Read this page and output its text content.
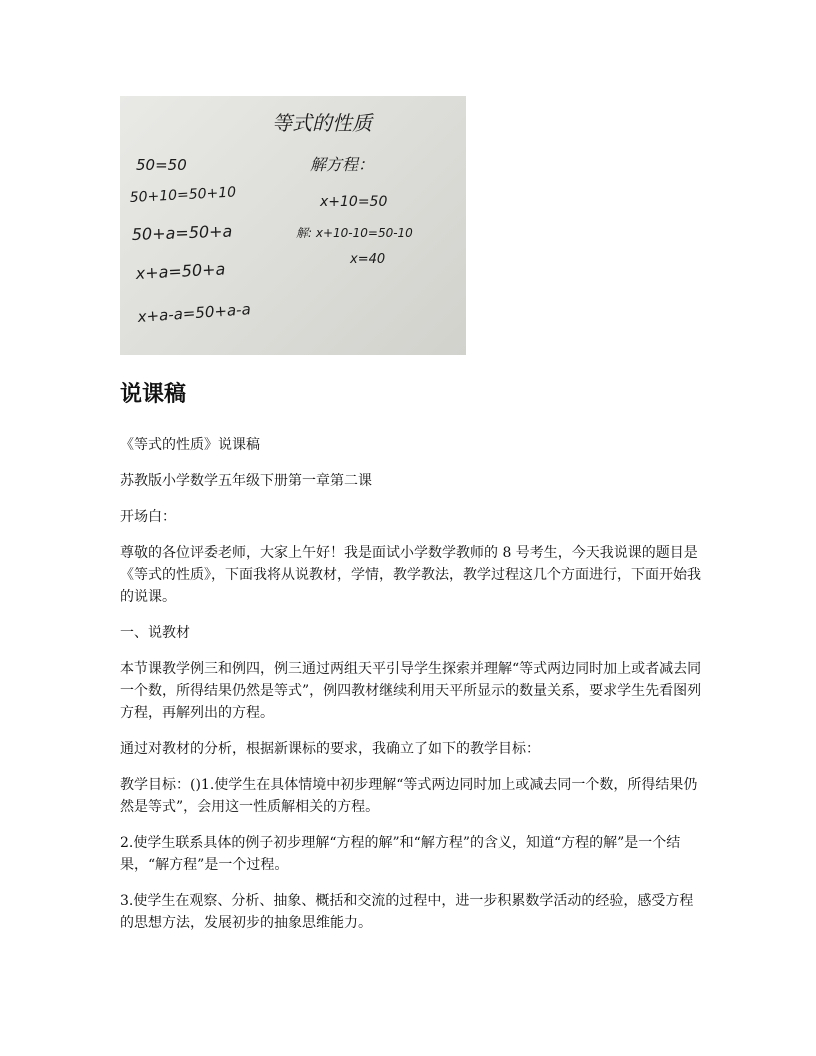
等式的性质
50=50
50+10=50+10
50+a=50+a
x+a=50+a
x+a-a=50+a-a
解方程：
x+10=50
解: x+10-10=50-10
x=40
说课稿

《等式的性质》说课稿

苏教版小学数学五年级下册第一章第二课

开场白：

尊敬的各位评委老师，大家上午好！我是面试小学数学教师的 8 号考生，今天我说课的题目是《等式的性质》，下面我将从说教材，学情，教学教法，教学过程这几个方面进行，下面开始我的说课。

一、说教材

本节课教学例三和例四，例三通过两组天平引导学生探索并理解“等式两边同时加上或者减去同一个数，所得结果仍然是等式”，例四教材继续利用天平所显示的数量关系，要求学生先看图列方程，再解列出的方程。

通过对教材的分析，根据新课标的要求，我确立了如下的教学目标：

教学目标：()1.使学生在具体情境中初步理解“等式两边同时加上或减去同一个数，所得结果仍然是等式”，会用这一性质解相关的方程。

2.使学生联系具体的例子初步理解“方程的解”和“解方程”的含义，知道“方程的解”是一个结果，“解方程”是一个过程。

3.使学生在观察、分析、抽象、概括和交流的过程中，进一步积累数学活动的经验，感受方程的思想方法，发展初步的抽象思维能力。
